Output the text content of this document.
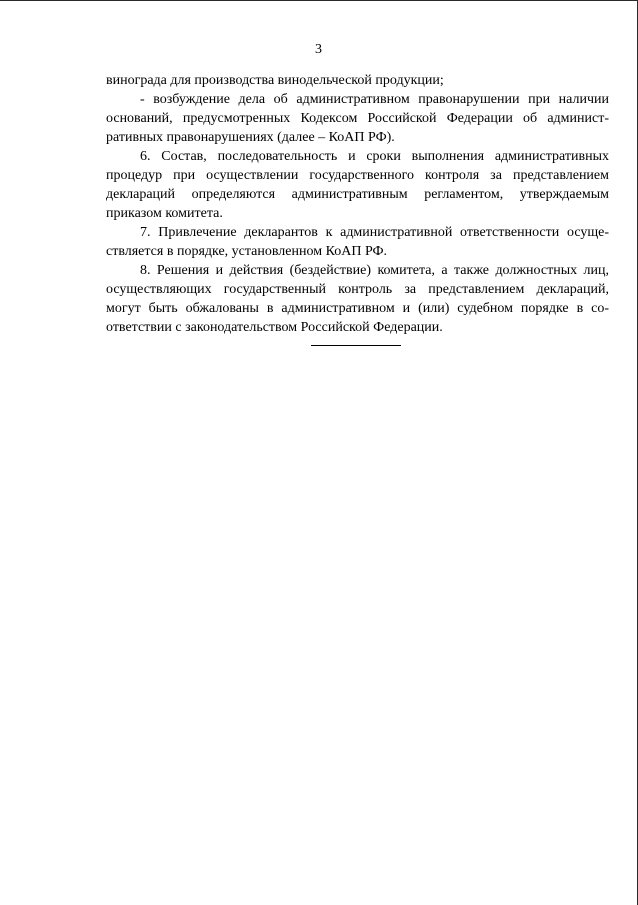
3
винограда для производства винодельческой продукции;
- возбуждение дела об административном правонарушении при наличии
оснований, предусмотренных Кодексом Российской Федерации об админист-
ративных правонарушениях (далее – КоАП РФ).
6. Состав, последовательность и сроки выполнения административных
процедур при осуществлении государственного контроля за представлением
деклараций определяются административным регламентом, утверждаемым
приказом комитета.
7. Привлечение декларантов к административной ответственности осуще-
ствляется в порядке, установленном КоАП РФ.
8. Решения и действия (бездействие) комитета, а также должностных лиц,
осуществляющих государственный контроль за представлением деклараций,
могут быть обжалованы в административном и (или) судебном порядке в со-
ответствии с законодательством Российской Федерации.
